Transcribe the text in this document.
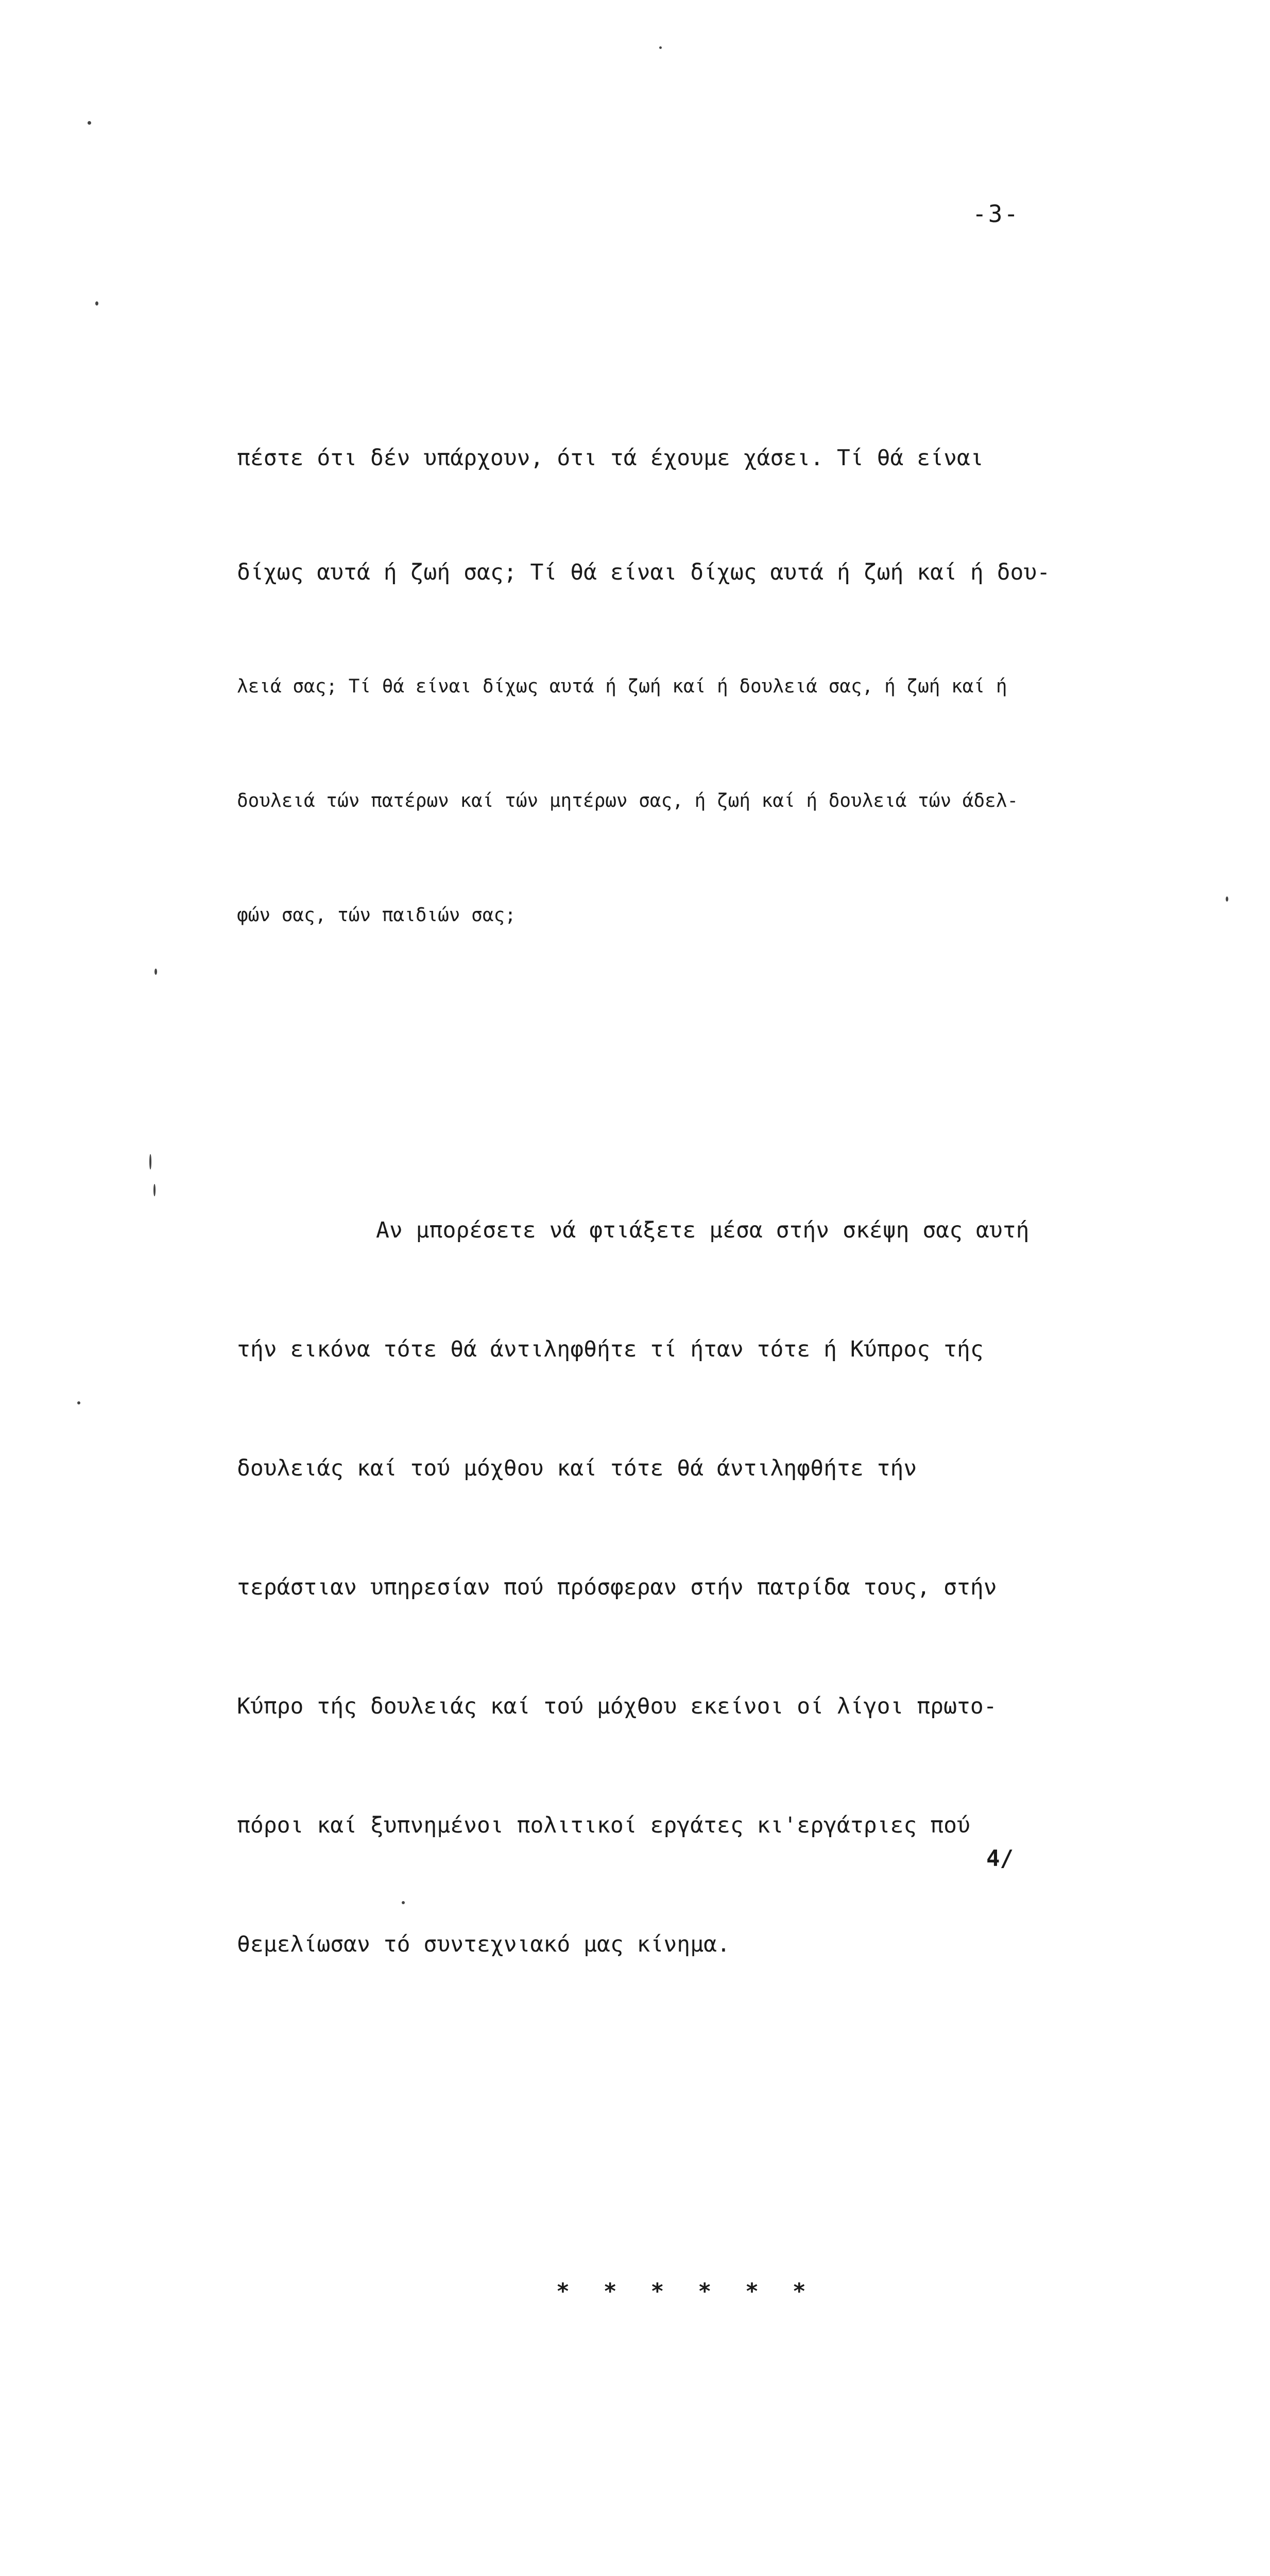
-3-

πέστε ότι δέν υπάρχουν, ότι τά έχουμε χάσει. Τί θά είναι

δίχως αυτά ή ζωή σας; Τί θά είναι δίχως αυτά ή ζωή καί ή δου-

λειά σας; Τί θά είναι δίχως αυτά ή ζωή καί ή δουλειά σας, ή ζωή καί ή

δουλειά τών πατέρων καί τών μητέρων σας, ή ζωή καί ή δουλειά τών άδελ-

φών σας, τών παιδιών σας;

Αν μπορέσετε νά φτιάξετε μέσα στήν σκέψη σας αυτή

τήν εικόνα τότε θά άντιληφθήτε τί ήταν τότε ή Κύπρος τής

δουλειάς καί τού μόχθου καί τότε θά άντιληφθήτε τήν

τεράστιαν υπηρεσίαν πού πρόσφεραν στήν πατρίδα τους, στήν

Κύπρο τής δουλειάς καί τού μόχθου εκείνοι οί λίγοι πρωτο-

πόροι καί ξυπνημένοι πολιτικοί εργάτες κι'εργάτριες πού

θεμελίωσαν τό συντεχνιακό μας κίνημα.

* * * * * *

4/
